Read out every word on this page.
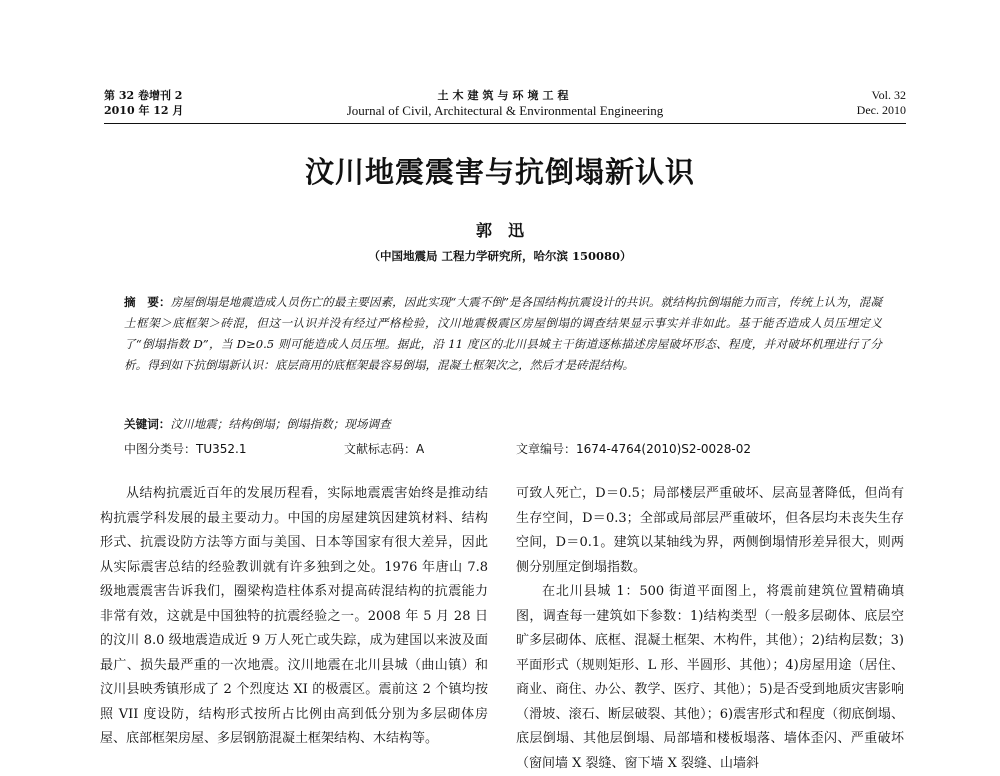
第 32 卷增刊 2
2010 年 12 月
土木建筑与环境工程
Journal of Civil, Architectural & Environmental Engineering
Vol. 32
Dec. 2010
汶川地震震害与抗倒塌新认识
郭　迅
（中国地震局 工程力学研究所，哈尔滨 150080）
摘　要：房屋倒塌是地震造成人员伤亡的最主要因素，因此实现“大震不倒”是各国结构抗震设计的共识。就结构抗倒塌能力而言，传统上认为，混凝土框架＞底框架＞砖混，但这一认识并没有经过严格检验，汶川地震极震区房屋倒塌的调查结果显示事实并非如此。基于能否造成人员压埋定义了“倒塌指数 D”，当 D≥0.5 则可能造成人员压埋。据此，沿 11 度区的北川县城主干街道逐栋描述房屋破坏形态、程度，并对破坏机理进行了分析。得到如下抗倒塌新认识：底层商用的底框架最容易倒塌，混凝土框架次之，然后才是砖混结构。
关键词：汶川地震；结构倒塌；倒塌指数；现场调查
中图分类号：TU352.1	文献标志码：A	文章编号：1674-4764(2010)S2-0028-02

从结构抗震近百年的发展历程看，实际地震震害始终是推动结构抗震学科发展的最主要动力。中国的房屋建筑因建筑材料、结构形式、抗震设防方法等方面与美国、日本等国家有很大差异，因此从实际震害总结的经验教训就有许多独到之处。1976 年唐山 7.8 级地震震害告诉我们，圈梁构造柱体系对提高砖混结构的抗震能力非常有效，这就是中国独特的抗震经验之一。2008 年 5 月 28 日的汶川 8.0 级地震造成近 9 万人死亡或失踪，成为建国以来波及面最广、损失最严重的一次地震。汶川地震在北川县城（曲山镇）和汶川县映秀镇形成了 2 个烈度达 XI 的极震区。震前这 2 个镇均按照 VII 度设防，结构形式按所占比例由高到低分别为多层砌体房屋、底部框架房屋、多层钢筋混凝土框架结构、木结构等。

可致人死亡，D＝0.5；局部楼层严重破坏、层高显著降低，但尚有生存空间，D＝0.3；全部或局部层严重破坏，但各层均未丧失生存空间，D＝0.1。建筑以某轴线为界，两侧倒塌情形差异很大，则两侧分别厘定倒塌指数。

在北川县城 1：500 街道平面图上，将震前建筑位置精确填图，调查每一建筑如下参数：1)结构类型（一般多层砌体、底层空旷多层砌体、底框、混凝土框架、木构件，其他）；2)结构层数；3)平面形式（规则矩形、L 形、半圆形、其他）；4)房屋用途（居住、商业、商住、办公、教学、医疗、其他）；5)是否受到地质灾害影响（滑坡、滚石、断层破裂、其他）；6)震害形式和程度（彻底倒塌、底层倒塌、其他层倒塌、局部墙和楼板塌落、墙体歪闪、严重破坏（窗间墙 X 裂缝、窗下墙 X 裂缝、山墙斜
